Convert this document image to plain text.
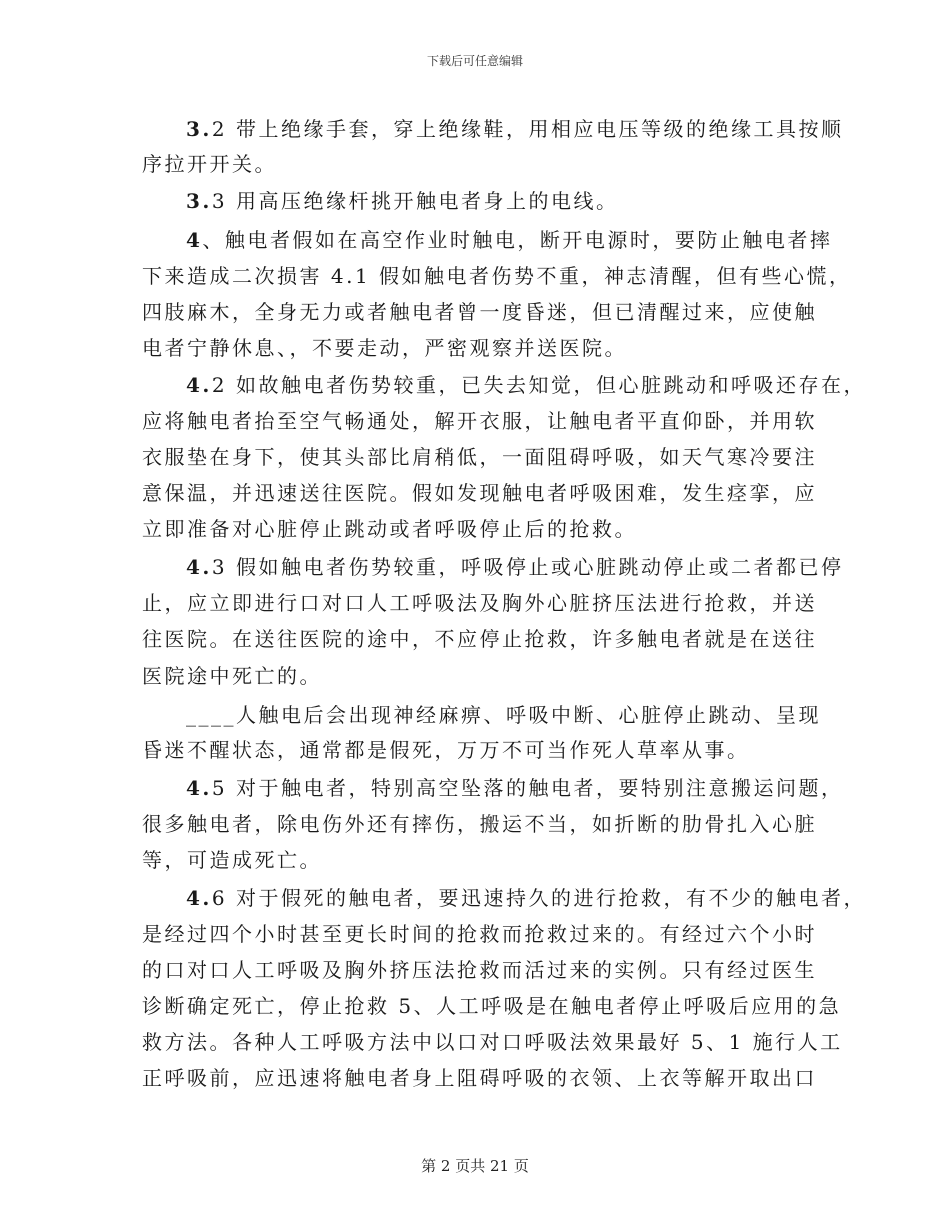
下载后可任意编辑
3.2 带上绝缘手套，穿上绝缘鞋，用相应电压等级的绝缘工具按顺
序拉开开关。
3.3 用高压绝缘杆挑开触电者身上的电线。
4、触电者假如在高空作业时触电，断开电源时，要防止触电者摔
下来造成二次损害 4.1 假如触电者伤势不重，神志清醒，但有些心慌，
四肢麻木，全身无力或者触电者曾一度昏迷，但已清醒过来，应使触
电者宁静休息、，不要走动，严密观察并送医院。
4.2 如故触电者伤势较重，已失去知觉，但心脏跳动和呼吸还存在，
应将触电者抬至空气畅通处，解开衣服，让触电者平直仰卧，并用软
衣服垫在身下，使其头部比肩稍低，一面阻碍呼吸，如天气寒冷要注
意保温，并迅速送往医院。假如发现触电者呼吸困难，发生痉挛，应
立即准备对心脏停止跳动或者呼吸停止后的抢救。
4.3 假如触电者伤势较重，呼吸停止或心脏跳动停止或二者都已停
止，应立即进行口对口人工呼吸法及胸外心脏挤压法进行抢救，并送
往医院。在送往医院的途中，不应停止抢救，许多触电者就是在送往
医院途中死亡的。
____人触电后会出现神经麻痹、呼吸中断、心脏停止跳动、呈现
昏迷不醒状态，通常都是假死，万万不可当作死人草率从事。
4.5 对于触电者，特别高空坠落的触电者，要特别注意搬运问题，
很多触电者，除电伤外还有摔伤，搬运不当，如折断的肋骨扎入心脏
等，可造成死亡。
4.6 对于假死的触电者，要迅速持久的进行抢救，有不少的触电者，
是经过四个小时甚至更长时间的抢救而抢救过来的。有经过六个小时
的口对口人工呼吸及胸外挤压法抢救而活过来的实例。只有经过医生
诊断确定死亡，停止抢救 5、人工呼吸是在触电者停止呼吸后应用的急
救方法。各种人工呼吸方法中以口对口呼吸法效果最好 5、1 施行人工
正呼吸前，应迅速将触电者身上阻碍呼吸的衣领、上衣等解开取出口
第 2 页共 21 页
